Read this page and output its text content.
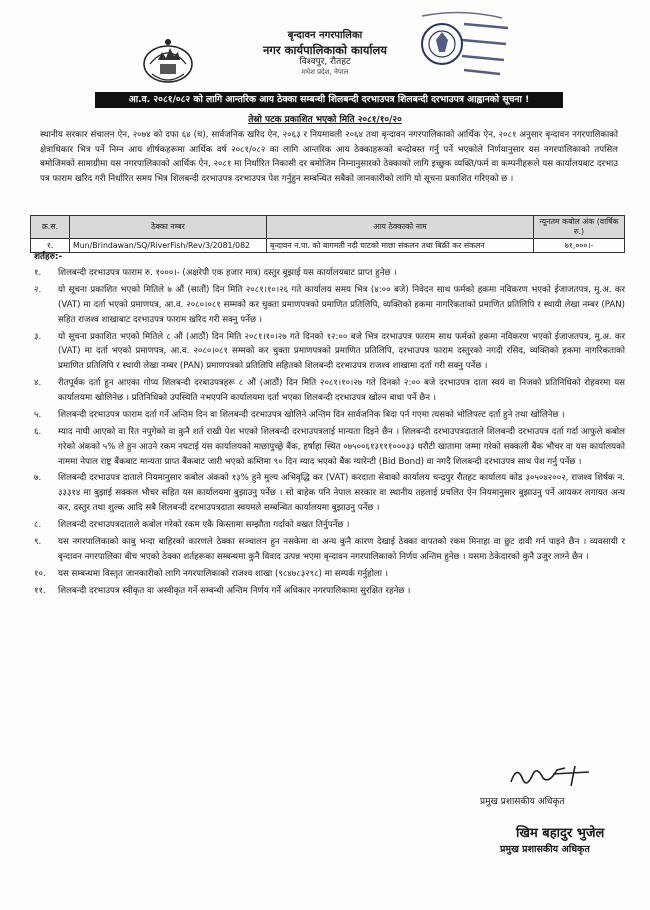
बृन्दावन नगरपालिका
नगर कार्यपालिकाको कार्यालय
विश्वपुर, रौतहट
मधेश प्रदेश, नेपाल
आ.व. २०८१/०८२ को लागि आन्तरिक आय ठेक्का सम्बन्धी शिलबन्दी दरभाउपत्र शिलबन्दी दरभाउपत्र आह्वानको सूचना !
तेस्रो पटक प्रकाशित भएको मिति २०८१/१०/२०
स्थानीय सरकार संचालन ऐन, २०७४ को दफा ६४ (च), सार्वजनिक खरिद ऐन, २०६३ र नियमावली २०६४ तथा बृन्दावन नगरपालिकाको आर्थिक ऐन, २०८१ अनुसार बृन्दावन नगरपालिकाको क्षेत्राधिकार भित्र पर्ने निम्न आय शीर्षकहरूमा आर्थिक वर्ष २०८१/०८२ का लागि आन्तरिक आय ठेक्काहरूको बन्दोबस्त गर्नु पर्ने भएकोले निर्णयानुसार यस नगरपालिकाको तपसिल बमोजिमको सामाग्रीमा यस नगरपालिकाको आर्थिक ऐन, २०८१ मा निर्धारित निकासी दर बमोजिम निम्नानुसारको ठेक्काको लागि इच्छुक व्यक्ति/फर्म वा कम्पनीहरूले यस कार्यालयबाट दरभाउ पत्र फाराम खरिद गरी निर्धारित समय भित्र शिलबन्दी दरभाउपत्र दरभाउपत्र पेश गर्नुहुन सम्बन्धित सबैको जानकारीको लागि यो सूचना प्रकाशित गरिएको छ ।
क्र.स.	ठेक्का नम्बर	आय ठेक्काको नाम	न्यूनतम कबोल अंक (वार्षिक रु.)
१.	Mun/Brindawan/SQ/RiverFish/Rev/3/2081/082	बृन्दावन न.पा. को बागमती नदी घाटको माछा संकलन तथा बिक्री कर संकलन	७१,०००।-
शर्तहरु:-
१.	शिलबन्दी दरभाउपत्र फाराम रु. १०००।- (अक्षरेपी एक हजार मात्र) दस्तुर बुझाई यस कार्यालयबाट प्राप्त हुनेछ ।
२.	यो सूचना प्रकाशित भएको मितिले ७ औं (सातौं) दिन मिति २०८१।१०।२६ गते कार्यालय समय भित्र (४:०० बजे) निवेदन साथ फर्मको हकमा नविकरण भएको ईजाजतपत्र, मु.अ. कर (VAT) मा दर्ता भएको प्रमाणपत्र, आ.व. २०८०।०८१ सम्मको कर चुक्ता प्रमाणपत्रको प्रमाणित प्रतिलिपि, व्यक्तिको हकमा नागरिकताको प्रमाणित प्रतिलिपि र स्थायी लेखा नम्बर (PAN) सहित राजश्व शाखाबाट दरभाउपत्र फाराम खरिद गरी सक्नु पर्नेछ ।
३.	यो सूचना प्रकाशित भएको मितिले ८ औं (आठौं) दिन मिति २०८१।१०।२७ गते दिनको १२:०० बजे भित्र दरभाउपत्र फाराम साथ फर्मको हकमा नविकरण भएको ईजाजतपत्र, मु.अ. कर (VAT) मा दर्ता भएको प्रमाणपत्र, आ.व. २०८०।०८१ सम्मको कर चुक्ता प्रमाणपत्रको प्रमाणित प्रतिलिपि, दरभाउपत्र फाराम दस्तुरको नगदी रसिद, व्यक्तिको हकमा नागरिकताको प्रमाणित प्रतिलिपि र स्थायी लेखा नम्बर (PAN) प्रमाणपत्रको प्रतिलिपि सहितको शिलबन्दी दरभाउपत्र राजश्व शाखामा दर्ता गरी सक्नु पर्नेछ ।
४.	रीतपूर्वक दर्ता हुन आएका गोप्य शिलबन्दी दरबाउपत्रहरू ८ औं (आठौं) दिन मिति २०८१।१०।२७ गते दिनको २:०० बजे दरभाउपत्र दाता स्वयं वा निजको प्रतिनिधिको रोहवरमा यस कार्यालयमा खोलिनेछ । प्रतिनिधिको उपस्थिति नभएपनि कार्यालयमा दर्ता भएका शिलबन्दी दरभाउपत्र खोल्न बाधा पर्ने छैन ।
५.	शिलबन्दी दरभाउपत्र फाराम दर्ता गर्ने अन्तिम दिन वा शिलबन्दी दरभाउपत्र खोलिने अन्तिम दिन सार्वजनिक बिदा पर्न गएमा त्यसको भोलिपल्ट दर्ता हुने तथा खोलिनेछ ।
६.	म्याद नाघी आएको वा रित नपुगेको वा कुनै शर्त राखी पेश भएको शिलबन्दी दरभाउपत्रलाई मान्यता दिइने छैन । शिलबन्दी दरभाउपत्रदाताले शिलबन्दी दरभाउपत्र दर्ता गर्दा आफुले कबोल गरेको अंकको ५% ले हुन आउने रकम नघटाई यस कार्यालयको माछापुच्छ्रे बैंक, हर्षाहा स्थित ०७५००६१३१११०००३३ धरौटी खातामा जम्मा गरेको सक्कली बैंक भौचर वा यस कार्यालयको नाममा नेपाल राष्ट्र बैंकबाट मान्यता प्राप्त बैंकबाट जारी भएको कम्तिमा ९० दिन म्याद भएको बैंक ग्यारेन्टी (Bid Bond) वा नगदै शिलबन्दी दरभाउपत्र साथ पेश गर्नु पर्नेछ ।
७.	शिलबन्दी दरभाउपत्र दाताले नियमानुसार कबोल अंकको १३% हुने मुल्य अभिवृद्धि कर (VAT) करदाता सेवाको कार्यालय चन्द्रपुर रौतहट कार्यालय कोड ३०५०४२००२, राजश्व शिर्षक न. ३३३१४ मा बुझाई सक्कल भौचर सहित यस कार्यालयमा बुझाउनु पर्नेछ । सो बाहेक पनि नेपाल सरकार वा स्थानीय तहलाई प्रचलित ऐन नियमानुसार बुझाउनु पर्ने आयकर लगायत अन्य कर, दस्तुर तथा शुल्क आदि सबै शिलबन्दी दरभाउपत्रदाता स्वयमले सम्बन्धित कार्यालयमा बुझाउनु पर्नेछ ।
८.	शिलबन्दी दरभाउपत्रदाताले कबोल गरेको रकम एकै किस्तामा सम्झौता गर्दाको वखत तिर्नुपर्नेछ ।
९.	यस नगरपालिकाको काबु भन्दा बाहिरको कारणले ठेक्का सञ्चालन हुन नसकेमा वा अन्य कुनै कारण देखाई ठेक्का वापतको रकम मिनाहा वा छुट दावी गर्न पाइने छैन । व्यवसायी र बृन्दावन नगरपालिका बीच भएको ठेक्का शर्तहरूका सम्बन्धमा कुनै विवाद उत्पन्न भएमा बृन्दावन नगरपालिकाको निर्णय अन्तिम हुनेछ । यसमा ठेकेदारको कुनै उजुर लाग्ने छैन ।
१०.	यस सम्बन्धमा विस्तृत जानकारीको लागि नगरपालिकाको राजश्व शाखा (९८४७८३२९८) मा सम्पर्क गर्नुहोला ।
११.	शिलबन्दी दरभाउपत्र स्वीकृत वा अस्वीकृत गर्ने सम्बन्धी अन्तिम निर्णय गर्ने अधिकार नगरपालिकामा सुरक्षित रहनेछ ।
प्रमुख प्रशासकीय अधिकृत
खिम बहादुर भुजेल
प्रमुख प्रशासकीय अधिकृत
